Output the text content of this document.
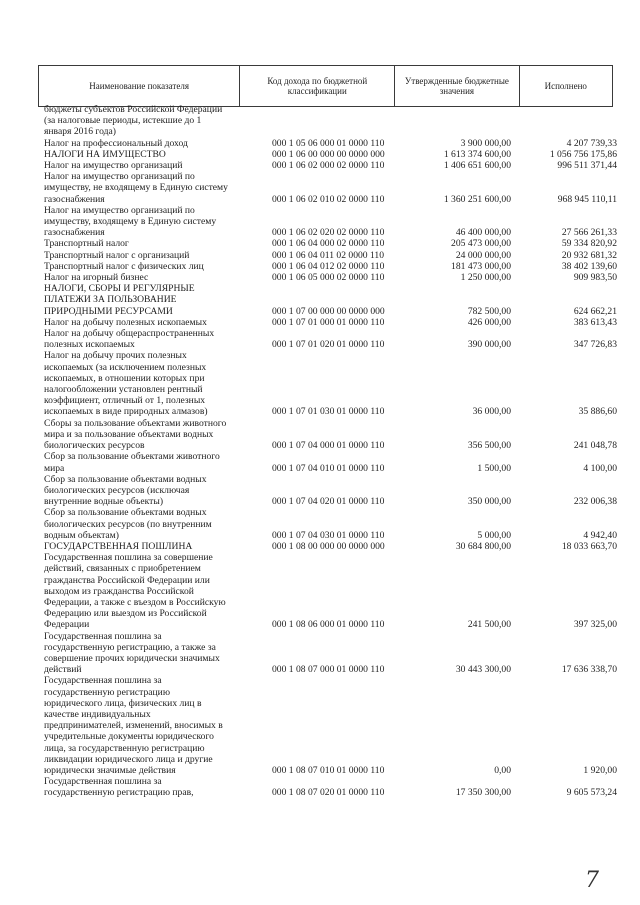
Наименование показателя	Код дохода по бюджетной классификации	Утвержденные бюджетные значения	Исполнено
бюджеты субъектов Российской Федерации
(за налоговые периоды, истекшие до 1
января 2016 года)
Налог на профессиональный доход	000 1 05 06 000 01 0000 110	3 900 000,00	4 207 739,33
НАЛОГИ НА ИМУЩЕСТВО	000 1 06 00 000 00 0000 000	1 613 374 600,00	1 056 756 175,86
Налог на имущество организаций	000 1 06 02 000 02 0000 110	1 406 651 600,00	996 511 371,44
Налог на имущество организаций по
имуществу, не входящему в Единую систему
газоснабжения	000 1 06 02 010 02 0000 110	1 360 251 600,00	968 945 110,11
Налог на имущество организаций по
имуществу, входящему в Единую систему
газоснабжения	000 1 06 02 020 02 0000 110	46 400 000,00	27 566 261,33
Транспортный налог	000 1 06 04 000 02 0000 110	205 473 000,00	59 334 820,92
Транспортный налог с организаций	000 1 06 04 011 02 0000 110	24 000 000,00	20 932 681,32
Транспортный налог с физических лиц	000 1 06 04 012 02 0000 110	181 473 000,00	38 402 139,60
Налог на игорный бизнес	000 1 06 05 000 02 0000 110	1 250 000,00	909 983,50
НАЛОГИ, СБОРЫ И РЕГУЛЯРНЫЕ
ПЛАТЕЖИ ЗА ПОЛЬЗОВАНИЕ
ПРИРОДНЫМИ РЕСУРСАМИ	000 1 07 00 000 00 0000 000	782 500,00	624 662,21
Налог на добычу полезных ископаемых	000 1 07 01 000 01 0000 110	426 000,00	383 613,43
Налог на добычу общераспространенных
полезных ископаемых	000 1 07 01 020 01 0000 110	390 000,00	347 726,83
Налог на добычу прочих полезных
ископаемых (за исключением полезных
ископаемых, в отношении которых при
налогообложении установлен рентный
коэффициент, отличный от 1, полезных
ископаемых в виде природных алмазов)	000 1 07 01 030 01 0000 110	36 000,00	35 886,60
Сборы за пользование объектами животного
мира и за пользование объектами водных
биологических ресурсов	000 1 07 04 000 01 0000 110	356 500,00	241 048,78
Сбор за пользование объектами животного
мира	000 1 07 04 010 01 0000 110	1 500,00	4 100,00
Сбор за пользование объектами водных
биологических ресурсов (исключая
внутренние водные объекты)	000 1 07 04 020 01 0000 110	350 000,00	232 006,38
Сбор за пользование объектами водных
биологических ресурсов (по внутренним
водным объектам)	000 1 07 04 030 01 0000 110	5 000,00	4 942,40
ГОСУДАРСТВЕННАЯ ПОШЛИНА	000 1 08 00 000 00 0000 000	30 684 800,00	18 033 663,70
Государственная пошлина за совершение
действий, связанных с приобретением
гражданства Российской Федерации или
выходом из гражданства Российской
Федерации, а также с въездом в Российскую
Федерацию или выездом из Российской
Федерации	000 1 08 06 000 01 0000 110	241 500,00	397 325,00
Государственная пошлина за
государственную регистрацию, а также за
совершение прочих юридически значимых
действий	000 1 08 07 000 01 0000 110	30 443 300,00	17 636 338,70
Государственная пошлина за
государственную регистрацию
юридического лица, физических лиц в
качестве индивидуальных
предпринимателей, изменений, вносимых в
учредительные документы юридического
лица, за государственную регистрацию
ликвидации юридического лица и другие
юридически значимые действия	000 1 08 07 010 01 0000 110	0,00	1 920,00
Государственная пошлина за
государственную регистрацию прав,	000 1 08 07 020 01 0000 110	17 350 300,00	9 605 573,24
7
